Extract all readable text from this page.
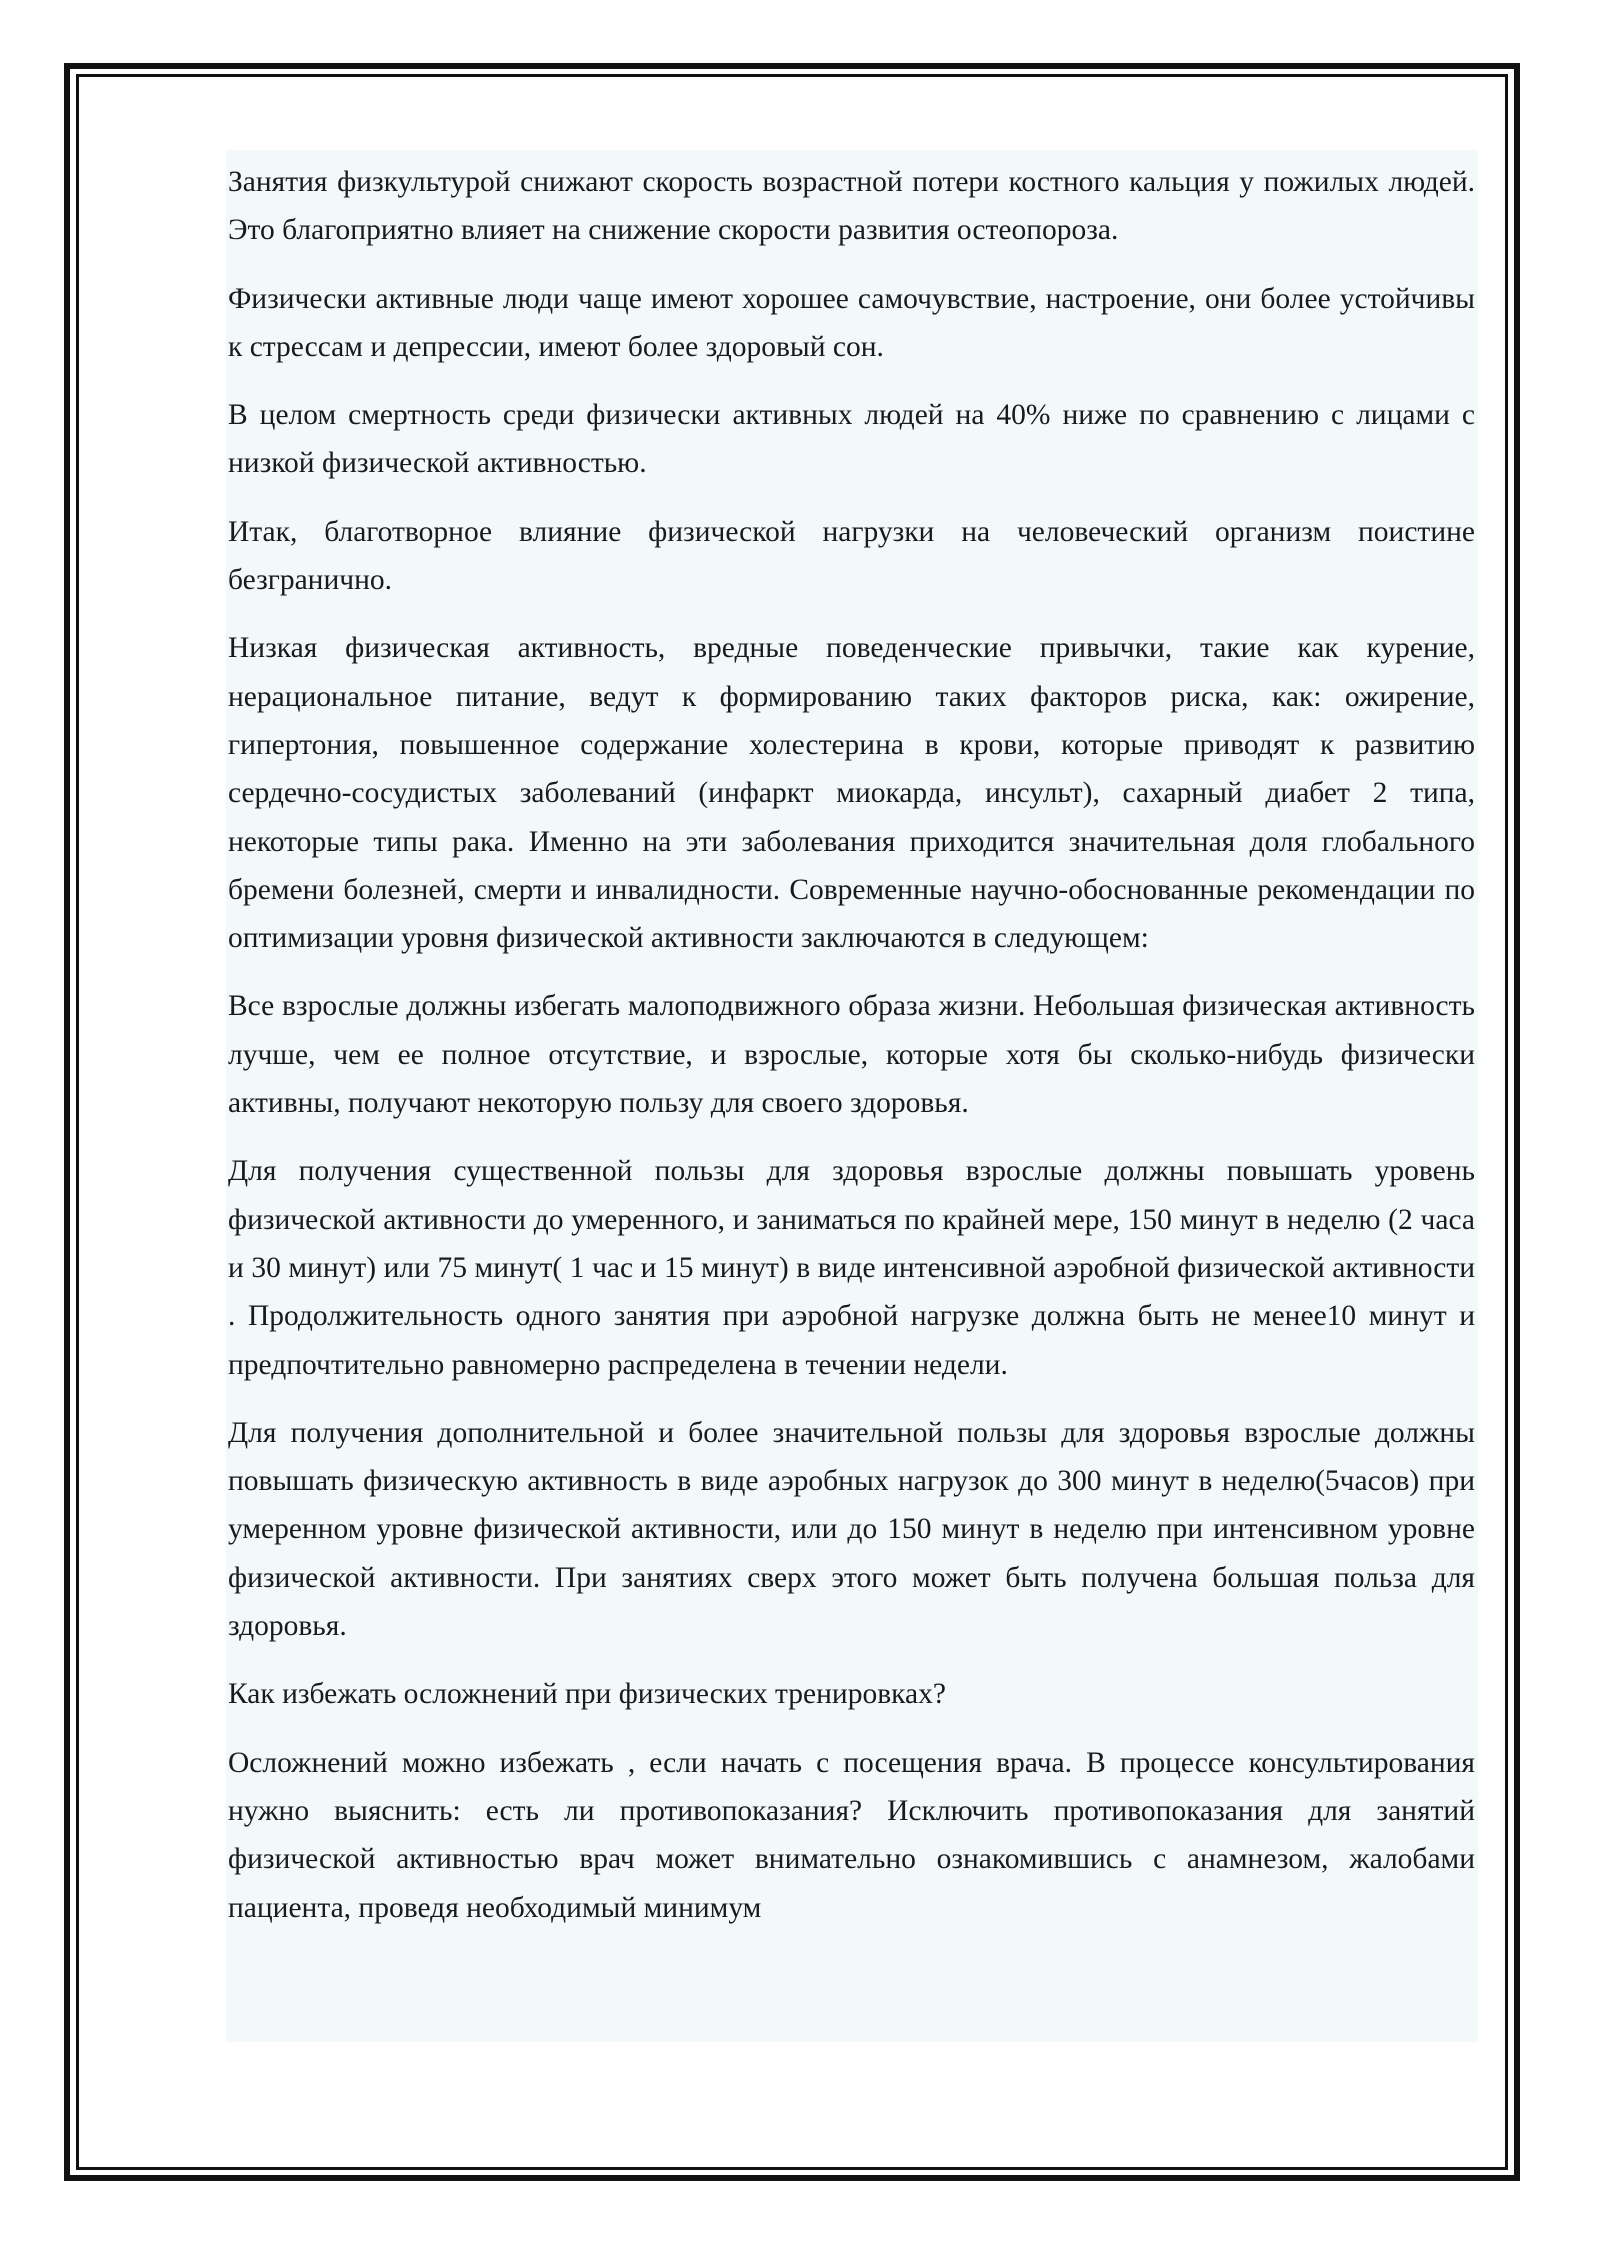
Занятия физкультурой снижают скорость возрастной потери костного кальция у пожилых людей. Это благоприятно влияет на снижение скорости развития остеопороза.

Физически активные люди чаще имеют хорошее самочувствие, настроение, они более устойчивы к стрессам и депрессии, имеют более здоровый сон.

В целом смертность среди физически активных людей на 40% ниже по сравнению с лицами с низкой физической активностью.

Итак, благотворное влияние физической нагрузки на человеческий организм поистине безгранично.

Низкая физическая активность, вредные поведенческие привычки, такие как курение, нерациональное питание, ведут к формированию таких факторов риска, как: ожирение, гипертония, повышенное содержание холестерина в крови, которые приводят к развитию сердечно-сосудистых заболеваний (инфаркт миокарда, инсульт), сахарный диабет 2 типа, некоторые типы рака. Именно на эти заболевания приходится значительная доля глобального бремени болезней, смерти и инвалидности. Современные научно-обоснованные рекомендации по оптимизации уровня физической активности заключаются в следующем:

Все взрослые должны избегать малоподвижного образа жизни. Небольшая физическая активность лучше, чем ее полное отсутствие, и взрослые, которые хотя бы сколько-нибудь физически активны, получают некоторую пользу для своего здоровья.

Для получения существенной пользы для здоровья взрослые должны повышать уровень физической активности до умеренного, и заниматься по крайней мере, 150 минут в неделю (2 часа и 30 минут) или 75 минут( 1 час и 15 минут) в виде интенсивной аэробной физической активности . Продолжительность одного занятия при аэробной нагрузке должна быть не менее10 минут и предпочтительно равномерно распределена в течении недели.

Для получения дополнительной и более значительной пользы для здоровья взрослые должны повышать физическую активность в виде аэробных нагрузок до 300 минут в неделю(5часов) при умеренном уровне физической активности, или до 150 минут в неделю при интенсивном уровне физической активности. При занятиях сверх этого может быть получена большая польза для здоровья.

Как избежать осложнений при физических тренировках?

Осложнений можно избежать , если начать с посещения врача. В процессе консультирования нужно выяснить: есть ли противопоказания? Исключить противопоказания для занятий физической активностью врач может внимательно ознакомившись с анамнезом, жалобами пациента, проведя необходимый минимум
